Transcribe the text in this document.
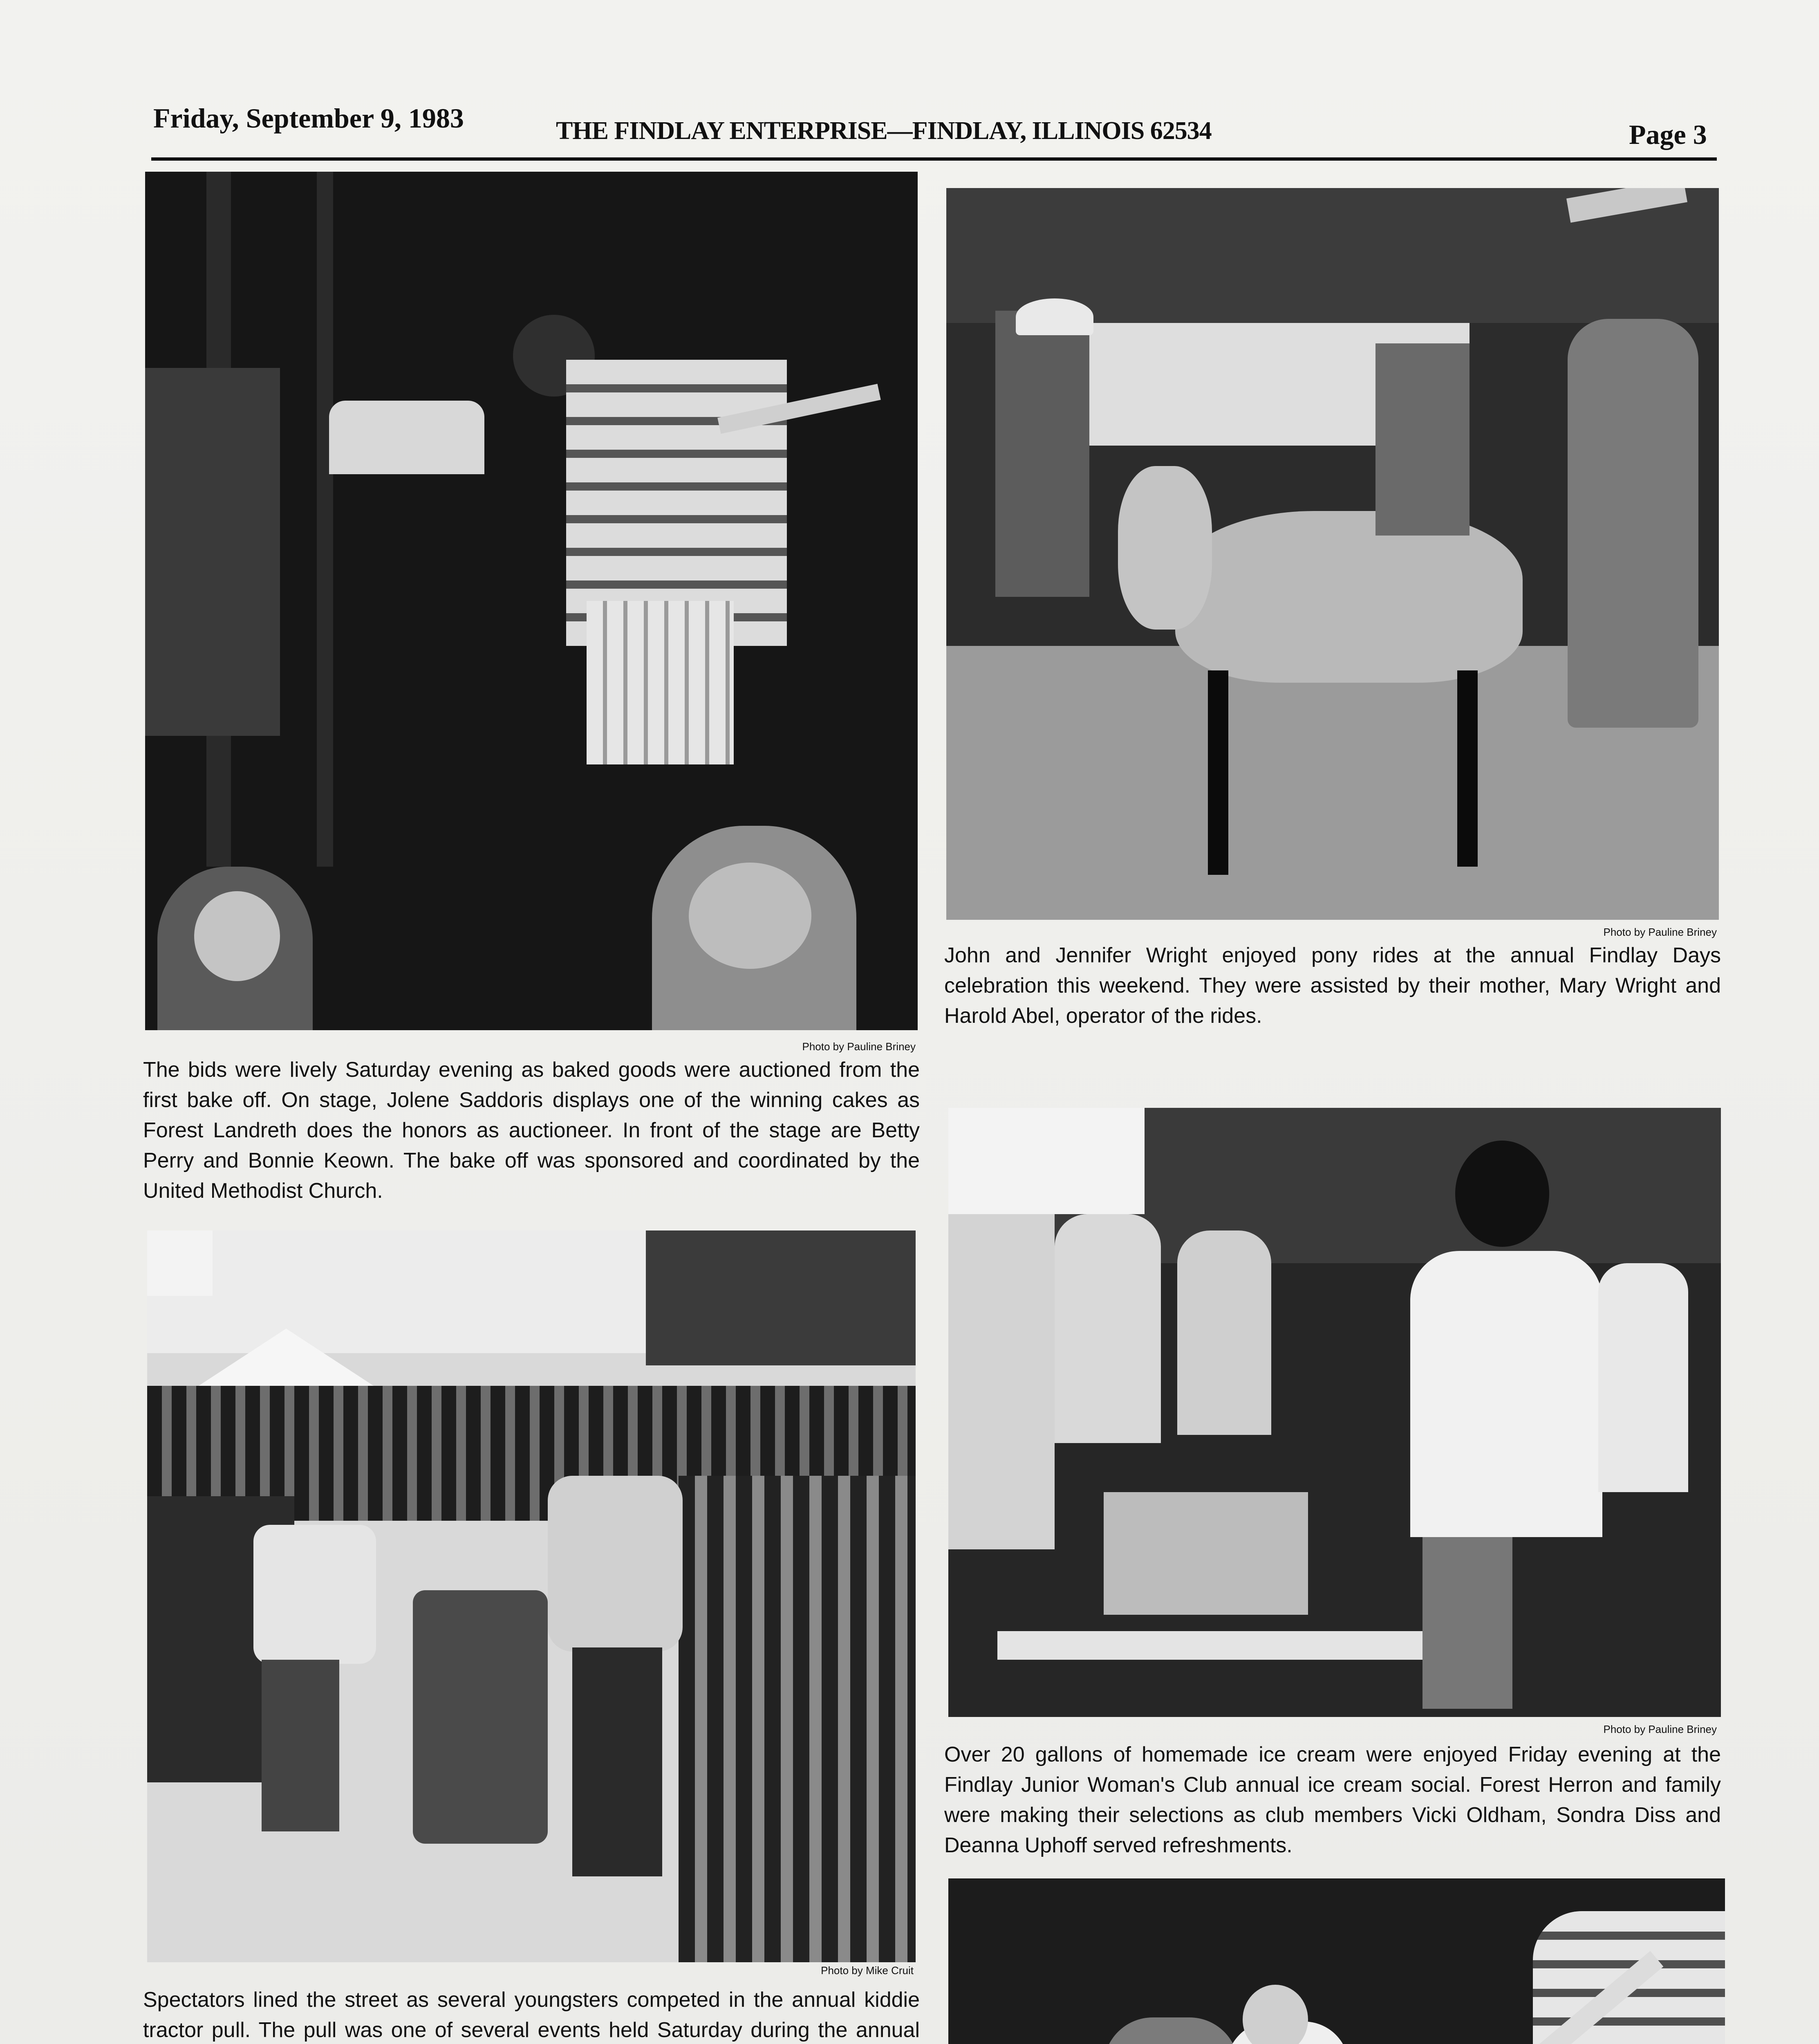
Friday, September 9, 1983	THE FINDLAY ENTERPRISE—FINDLAY, ILLINOIS 62534	Page 3
Photo by Pauline Briney
The bids were lively Saturday evening as baked goods were auctioned from the first bake off. On stage, Jolene Saddoris displays one of the winning cakes as Forest Landreth does the honors as auctioneer. In front of the stage are Betty Perry and Bonnie Keown. The bake off was sponsored and coordinated by the United Methodist Church.
Photo by Pauline Briney
John and Jennifer Wright enjoyed pony rides at the annual Findlay Days celebration this weekend. They were assisted by their mother, Mary Wright and Harold Abel, operator of the rides.
Photo by Mike Cruit
Spectators lined the street as several youngsters competed in the annual kiddie tractor pull. The pull was one of several events held Saturday during the annual
Photo by Pauline Briney
Over 20 gallons of homemade ice cream were enjoyed Friday evening at the Findlay Junior Woman's Club annual ice cream social. Forest Herron and family were making their selections as club members Vicki Oldham, Sondra Diss and Deanna Uphoff served refreshments.
